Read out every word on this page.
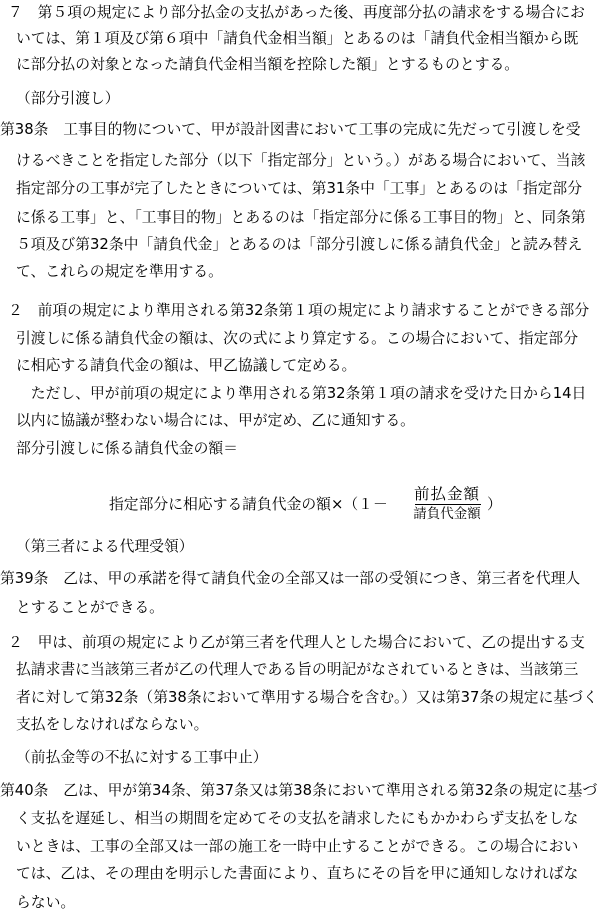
７　第５項の規定により部分払金の支払があった後、再度部分払の請求をする場合にお
いては、第１項及び第６項中「請負代金相当額」とあるのは「請負代金相当額から既
に部分払の対象となった請負代金相当額を控除した額」とするものとする。
（部分引渡し）
第38条　工事目的物について、甲が設計図書において工事の完成に先だって引渡しを受
けるべきことを指定した部分（以下「指定部分」という。）がある場合において、当該
指定部分の工事が完了したときについては、第31条中「工事」とあるのは「指定部分
に係る工事」と、「工事目的物」とあるのは「指定部分に係る工事目的物」と、同条第
５項及び第32条中「請負代金」とあるのは「部分引渡しに係る請負代金」と読み替え
て、これらの規定を準用する。
２　前項の規定により準用される第32条第１項の規定により請求することができる部分
引渡しに係る請負代金の額は、次の式により算定する。この場合において、指定部分
に相応する請負代金の額は、甲乙協議して定める。
　ただし、甲が前項の規定により準用される第32条第１項の請求を受けた日から14日
以内に協議が整わない場合には、甲が定め、乙に通知する。
部分引渡しに係る請負代金の額＝
（第三者による代理受領）
第39条　乙は、甲の承諾を得て請負代金の全部又は一部の受領につき、第三者を代理人
とすることができる。
２　甲は、前項の規定により乙が第三者を代理人とした場合において、乙の提出する支
払請求書に当該第三者が乙の代理人である旨の明記がなされているときは、当該第三
者に対して第32条（第38条において準用する場合を含む。）又は第37条の規定に基づく
支払をしなければならない。
（前払金等の不払に対する工事中止）
第40条　乙は、甲が第34条、第37条又は第38条において準用される第32条の規定に基づ
く支払を遅延し、相当の期間を定めてその支払を請求したにもかかわらず支払をしな
いときは、工事の全部又は一部の施工を一時中止することができる。この場合におい
ては、乙は、その理由を明示した書面により、直ちにその旨を甲に通知しなければな
らない。
指定部分に相応する請負代金の額×（１－
前払金額
請負代金額
）
